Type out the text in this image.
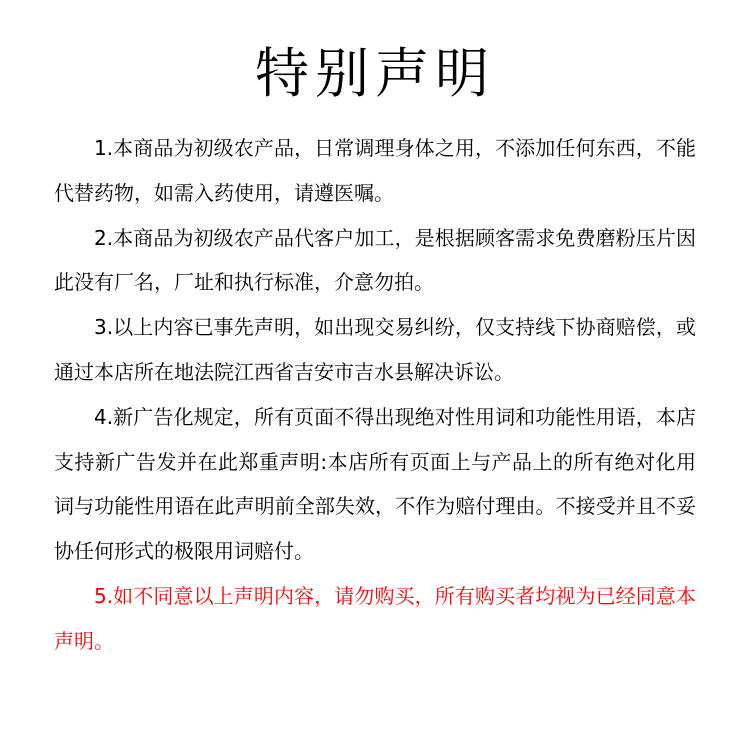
特别声明

1.本商品为初级农产品，日常调理身体之用，不添加任何东西，不能代替药物，如需入药使用，请遵医嘱。

2.本商品为初级农产品代客户加工，是根据顾客需求免费磨粉压片因此没有厂名，厂址和执行标准，介意勿拍。

3.以上内容已事先声明，如出现交易纠纷，仅支持线下协商赔偿，或通过本店所在地法院江西省吉安市吉水县解决诉讼。

4.新广告化规定，所有页面不得出现绝对性用词和功能性用语，本店支持新广告发并在此郑重声明:本店所有页面上与产品上的所有绝对化用词与功能性用语在此声明前全部失效，不作为赔付理由。不接受并且不妥协任何形式的极限用词赔付。

5.如不同意以上声明内容，请勿购买，所有购买者均视为已经同意本声明。
